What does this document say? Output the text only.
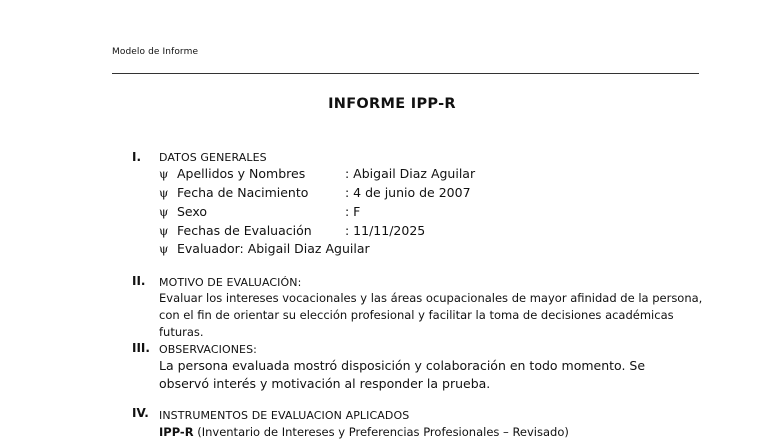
Modelo de Informe
INFORME IPP-R
I. DATOS GENERALES
ψ Apellidos y Nombres	: Abigail Diaz Aguilar
ψ Fecha de Nacimiento	: 4 de junio de 2007
ψ Sexo	: F
ψ Fechas de Evaluación	: 11/11/2025
ψ Evaluador: Abigail Diaz Aguilar
II. MOTIVO DE EVALUACIÓN:
Evaluar los intereses vocacionales y las áreas ocupacionales de mayor afinidad de la persona, con el fin de orientar su elección profesional y facilitar la toma de decisiones académicas futuras.
III. OBSERVACIONES:
La persona evaluada mostró disposición y colaboración en todo momento. Se observó interés y motivación al responder la prueba.
IV. INSTRUMENTOS DE EVALUACION APLICADOS
IPP-R (Inventario de Intereses y Preferencias Profesionales – Revisado)
